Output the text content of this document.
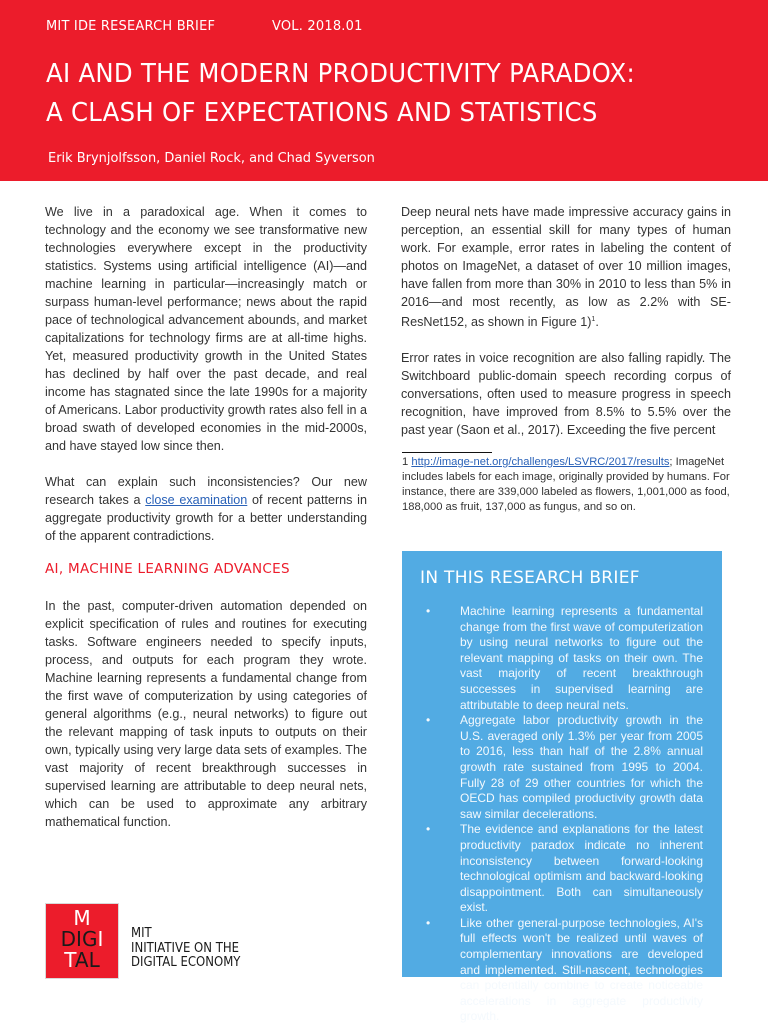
MIT IDE RESEARCH BRIEF	VOL. 2018.01
AI AND THE MODERN PRODUCTIVITY PARADOX:
A CLASH OF EXPECTATIONS AND STATISTICS
Erik Brynjolfsson, Daniel Rock, and Chad Syverson

We live in a paradoxical age. When it comes to technology and the economy we see transformative new technologies everywhere except in the productivity statistics. Systems using artificial intelligence (AI)—and machine learning in particular—increasingly match or surpass human-level performance; news about the rapid pace of technological advancement abounds, and market capitalizations for technology firms are at all-time highs. Yet, measured productivity growth in the United States has declined by half over the past decade, and real income has stagnated since the late 1990s for a majority of Americans. Labor productivity growth rates also fell in a broad swath of developed economies in the mid-2000s, and have stayed low since then.

What can explain such inconsistencies? Our new research takes a close examination of recent patterns in aggregate productivity growth for a better understanding of the apparent contradictions.

AI, MACHINE LEARNING ADVANCES

In the past, computer-driven automation depended on explicit specification of rules and routines for executing tasks. Software engineers needed to specify inputs, process, and outputs for each program they wrote. Machine learning represents a fundamental change from the first wave of computerization by using categories of general algorithms (e.g., neural networks) to figure out the relevant mapping of task inputs to outputs on their own, typically using very large data sets of examples. The vast majority of recent breakthrough successes in supervised learning are attributable to deep neural nets, which can be used to approximate any arbitrary mathematical function.

Deep neural nets have made impressive accuracy gains in perception, an essential skill for many types of human work. For example, error rates in labeling the content of photos on ImageNet, a dataset of over 10 million images, have fallen from more than 30% in 2010 to less than 5% in 2016—and most recently, as low as 2.2% with SE-ResNet152, as shown in Figure 1)$^1$.

Error rates in voice recognition are also falling rapidly. The Switchboard public-domain speech recording corpus of conversations, often used to measure progress in speech recognition, have improved from 8.5% to 5.5% over the past year (Saon et al., 2017). Exceeding the five percent

1 http://image-net.org/challenges/LSVRC/2017/results; ImageNet includes labels for each image, originally provided by humans. For instance, there are 339,000 labeled as flowers, 1,001,000 as food, 188,000 as fruit, 137,000 as fungus, and so on.
IN THIS RESEARCH BRIEF
• Machine learning represents a fundamental change from the first wave of computerization by using neural networks to figure out the relevant mapping of tasks on their own. The vast majority of recent breakthrough successes in supervised learning are attributable to deep neural nets.
• Aggregate labor productivity growth in the U.S. averaged only 1.3% per year from 2005 to 2016, less than half of the 2.8% annual growth rate sustained from 1995 to 2004. Fully 28 of 29 other countries for which the OECD has compiled productivity growth data saw similar decelerations.
• The evidence and explanations for the latest productivity paradox indicate no inherent inconsistency between forward-looking technological optimism and backward-looking disappointment. Both can simultaneously exist.
• Like other general-purpose technologies, AI's full effects won't be realized until waves of complementary innovations are developed and implemented. Still-nascent, technologies can potentially combine to create noticeable accelerations in aggregate productivity growth.
M
DIGI
TAL
MIT
INITIATIVE ON THE
DIGITAL ECONOMY
